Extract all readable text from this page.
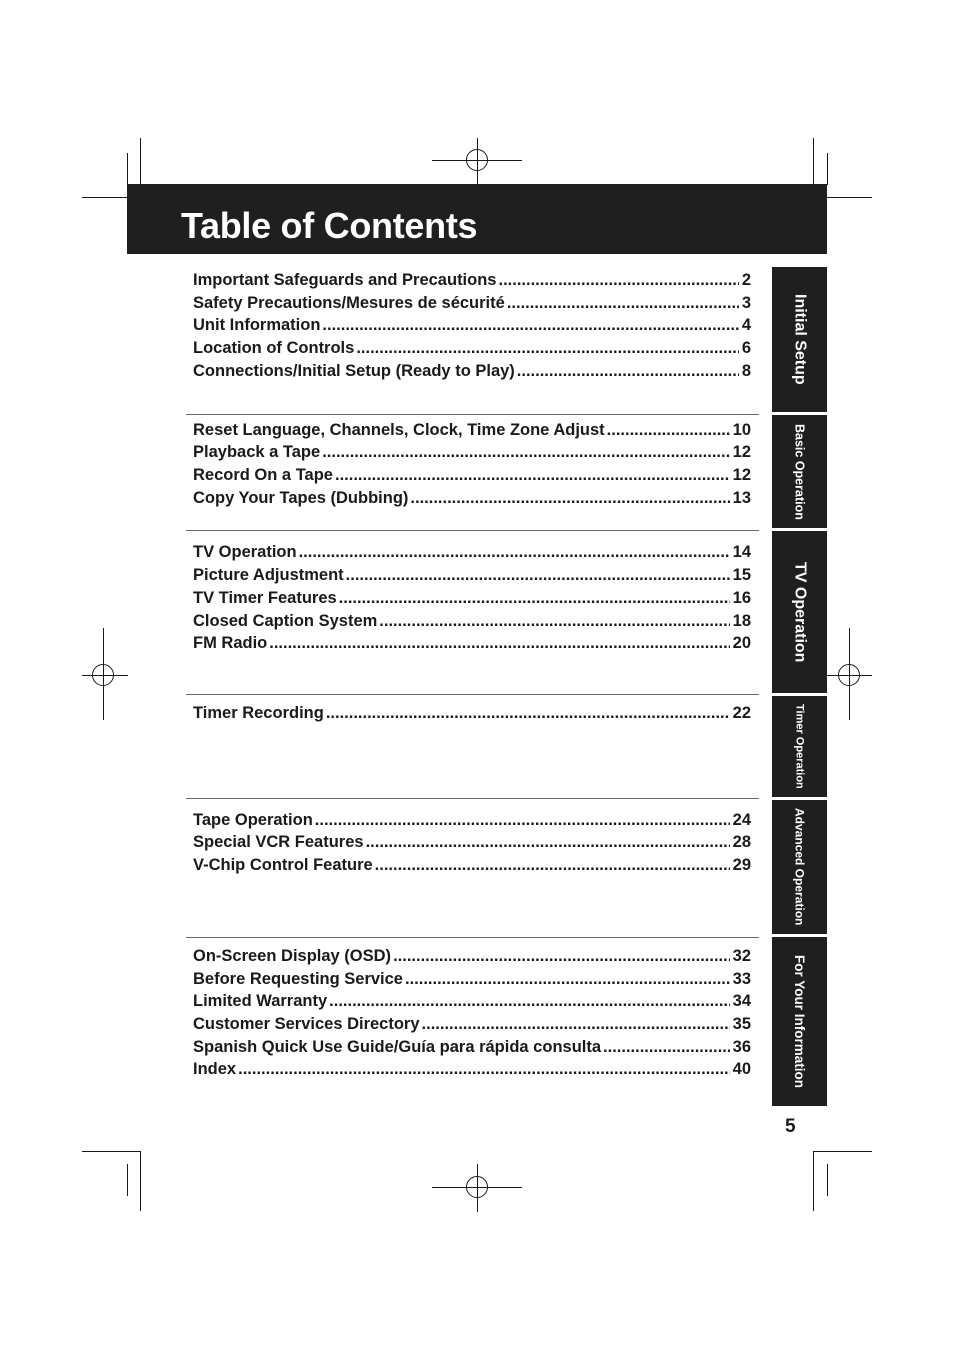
Table of Contents
Important Safeguards and Precautions .....	2
Safety Precautions/Mesures de sécurité .....	3
Unit Information .....	4
Location of Controls .....	6
Connections/Initial Setup (Ready to Play) .....	8
Reset Language, Channels, Clock, Time Zone Adjust .....	10
Playback a Tape .....	12
Record On a Tape .....	12
Copy Your Tapes (Dubbing) .....	13
TV Operation .....	14
Picture Adjustment .....	15
TV Timer Features .....	16
Closed Caption System .....	18
FM Radio .....	20
Timer Recording .....	22
Tape Operation .....	24
Special VCR Features .....	28
V-Chip Control Feature .....	29
On-Screen Display (OSD) .....	32
Before Requesting Service .....	33
Limited Warranty .....	34
Customer Services Directory .....	35
Spanish Quick Use Guide/Guía para rápida consulta .....	36
Index .....	40
Initial Setup
Basic Operation
TV Operation
Timer Operation
Advanced Operation
For Your Information
5
